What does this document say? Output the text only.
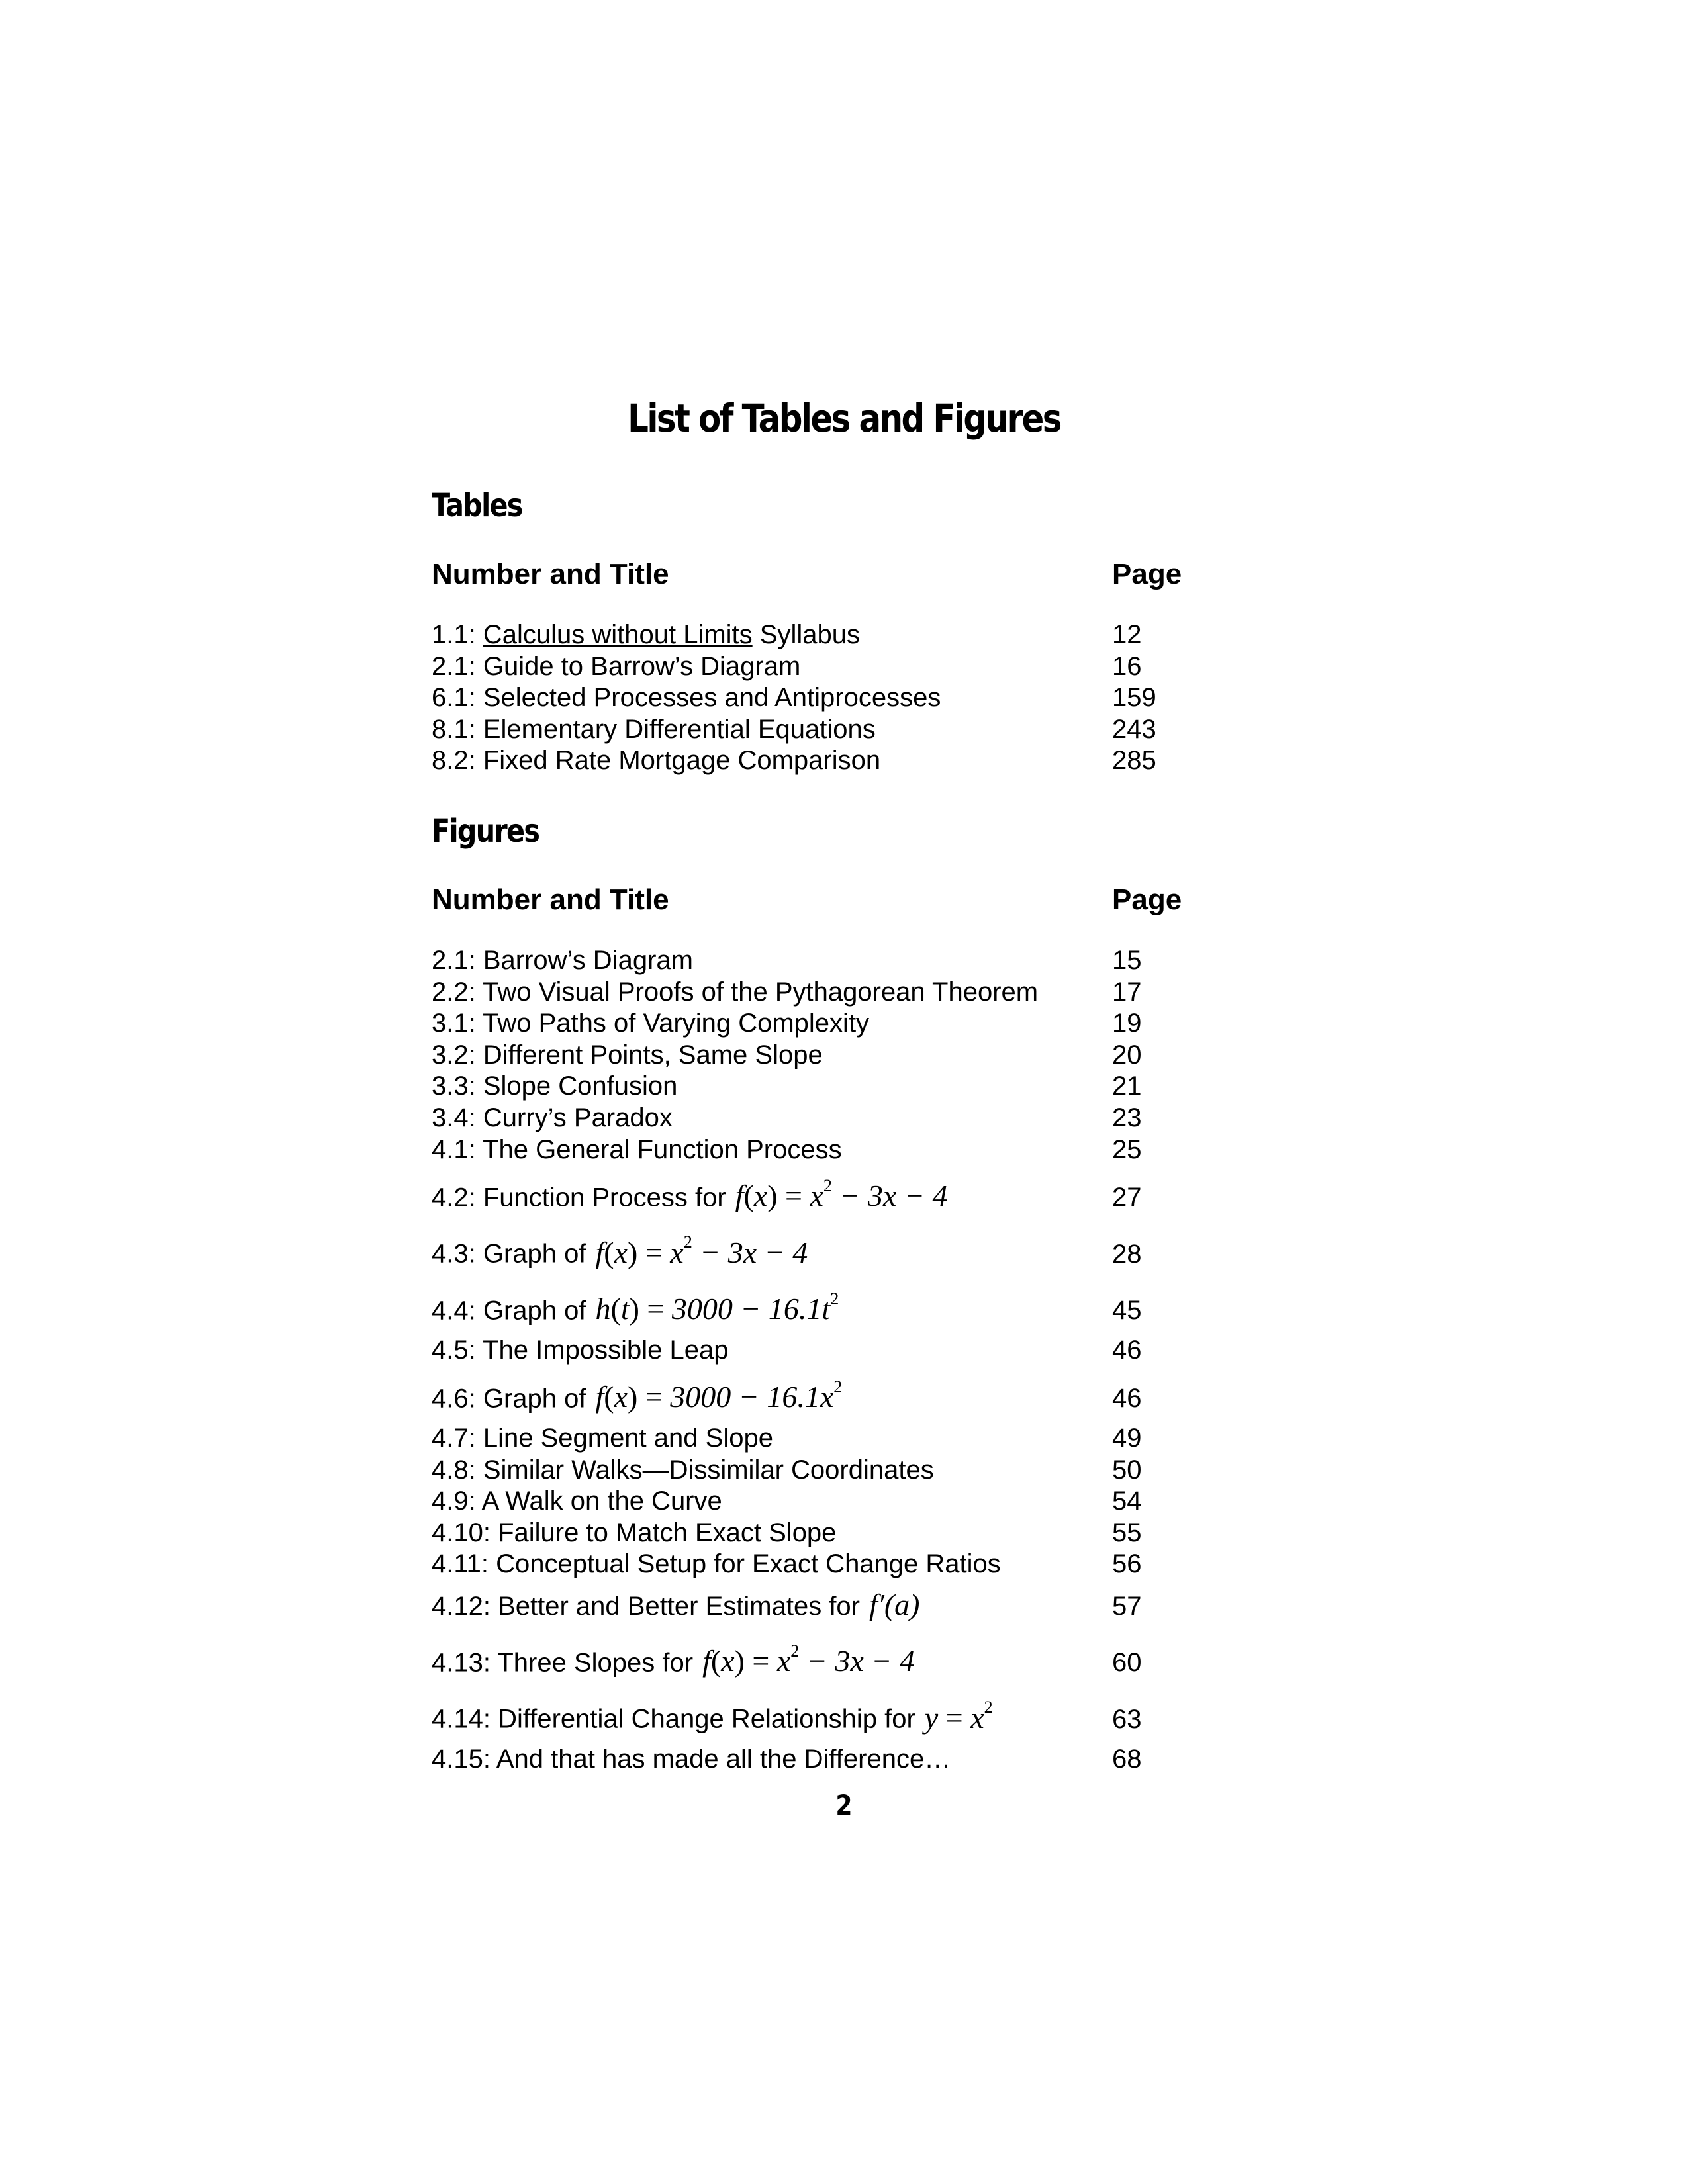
List of Tables and Figures
Tables
Number and Title	Page
1.1: Calculus without Limits Syllabus	12
2.1: Guide to Barrow’s Diagram	16
6.1: Selected Processes and Antiprocesses	159
8.1: Elementary Differential Equations	243
8.2: Fixed Rate Mortgage Comparison	285
Figures
Number and Title	Page
2.1: Barrow’s Diagram	15
2.2: Two Visual Proofs of the Pythagorean Theorem	17
3.1: Two Paths of Varying Complexity	19
3.2: Different Points, Same Slope	20
3.3: Slope Confusion	21
3.4: Curry’s Paradox	23
4.1: The General Function Process	25
4.2: Function Process for $f(x) = x^2 - 3x - 4$	27
4.3: Graph of $f(x) = x^2 - 3x - 4$	28
4.4: Graph of $h(t) = 3000 - 16.1t^2$	45
4.5: The Impossible Leap	46
4.6: Graph of $f(x) = 3000 - 16.1x^2$	46
4.7: Line Segment and Slope	49
4.8: Similar Walks—Dissimilar Coordinates	50
4.9: A Walk on the Curve	54
4.10: Failure to Match Exact Slope	55
4.11: Conceptual Setup for Exact Change Ratios	56
4.12: Better and Better Estimates for f′(a)	57
4.13: Three Slopes for $f(x) = x^2 - 3x - 4$	60
4.14: Differential Change Relationship for $y = x^2$	63
4.15: And that has made all the Difference…	68
2
